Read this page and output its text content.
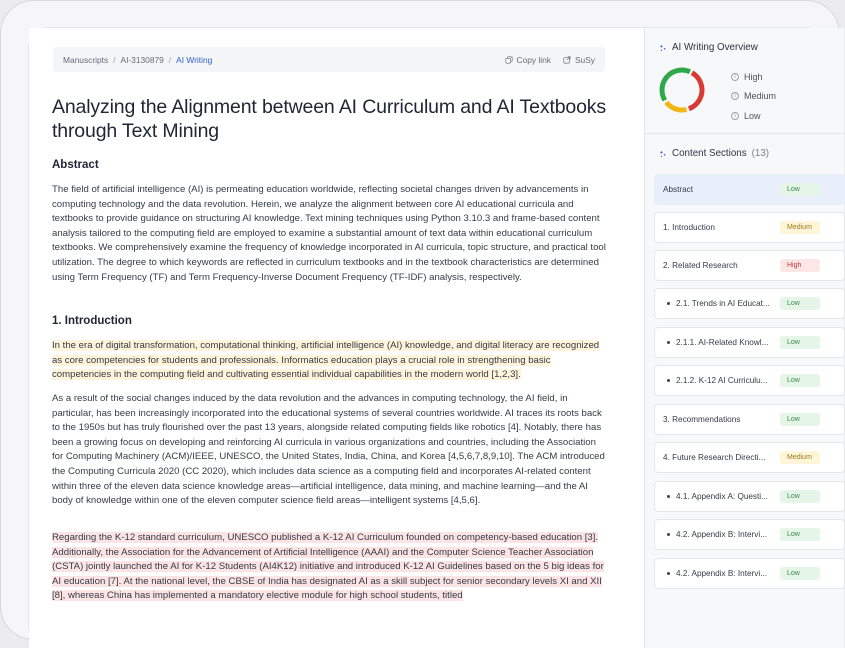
Manuscripts / AI-3130879 / AI Writing	Copy link	SuSy
Analyzing the Alignment between AI Curriculum and AI Textbooks through Text Mining
Abstract

The field of artificial intelligence (AI) is permeating education worldwide, reflecting societal changes driven by advancements in computing technology and the data revolution. Herein, we analyze the alignment between core AI educational curricula and textbooks to provide guidance on structuring AI knowledge. Text mining techniques using Python 3.10.3 and frame-based content analysis tailored to the computing field are employed to examine a substantial amount of text data within educational curriculum textbooks. We comprehensively examine the frequency of knowledge incorporated in AI curricula, topic structure, and practical tool utilization. The degree to which keywords are reflected in curriculum textbooks and in the textbook characteristics are determined using Term Frequency (TF) and Term Frequency-Inverse Document Frequency (TF-IDF) analysis, respectively.

1. Introduction

In the era of digital transformation, computational thinking, artificial intelligence (AI) knowledge, and digital literacy are recognized as core competencies for students and professionals. Informatics education plays a crucial role in strengthening basic competencies in the computing field and cultivating essential individual capabilities in the modern world [1,2,3].

As a result of the social changes induced by the data revolution and the advances in computing technology, the AI field, in particular, has been increasingly incorporated into the educational systems of several countries worldwide. AI traces its roots back to the 1950s but has truly flourished over the past 13 years, alongside related computing fields like robotics [4]. Notably, there has been a growing focus on developing and reinforcing AI curricula in various organizations and countries, including the Association for Computing Machinery (ACM)/IEEE, UNESCO, the United States, India, China, and Korea [4,5,6,7,8,9,10]. The ACM introduced the Computing Curricula 2020 (CC 2020), which includes data science as a computing field and incorporates AI-related content within three of the eleven data science knowledge areas—artificial intelligence, data mining, and machine learning—and the AI body of knowledge within one of the eleven computer science field areas—intelligent systems [4,5,6].

Regarding the K-12 standard curriculum, UNESCO published a K-12 AI Curriculum founded on competency-based education [3]. Additionally, the Association for the Advancement of Artificial Intelligence (AAAI) and the Computer Science Teacher Association (CSTA) jointly launched the AI for K-12 Students (AI4K12) initiative and introduced K-12 AI Guidelines based on the 5 big ideas for AI education [7]. At the national level, the CBSE of India has designated AI as a skill subject for senior secondary levels XI and XII [8], whereas China has implemented a mandatory elective module for high school students, titled

AI Writing Overview
i High
i Medium
i Low
Content Sections (13)
Abstract	Low
1. Introduction	Medium
2. Related Research	High
2.1. Trends in AI Educat...	Low
2.1.1. AI-Related Knowl...	Low
2.1.2. K-12 AI Curriculu...	Low
3. Recommendations	Low
4. Future Research Directi...	Medium
4.1. Appendix A: Questi...	Low
4.2. Appendix B: Intervi...	Low
4.2. Appendix B: Intervi...	Low
